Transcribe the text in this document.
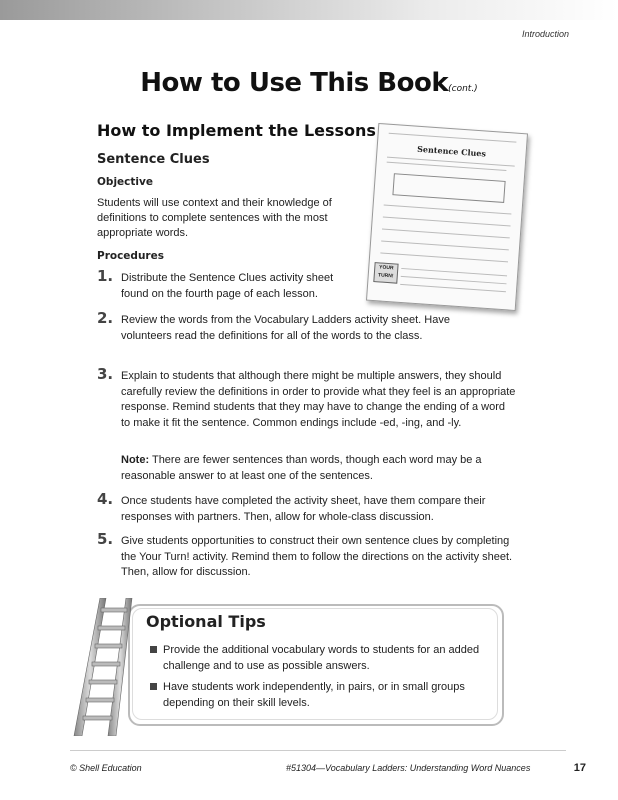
Introduction
How to Use This Book(cont.)
How to Implement the Lessons
Sentence Clues
Objective
Students will use context and their knowledge of definitions to complete sentences with the most appropriate words.
Procedures
1. Distribute the Sentence Clues activity sheet found on the fourth page of each lesson.
2. Review the words from the Vocabulary Ladders activity sheet. Have volunteers read the definitions for all of the words to the class.
3. Explain to students that although there might be multiple answers, they should carefully review the definitions in order to provide what they feel is an appropriate response. Remind students that they may have to change the ending of a word to make it fit the sentence. Common endings include -ed, -ing, and -ly.
Note: There are fewer sentences than words, though each word may be a reasonable answer to at least one of the sentences.
4. Once students have completed the activity sheet, have them compare their responses with partners. Then, allow for whole-class discussion.
5. Give students opportunities to construct their own sentence clues by completing the Your Turn! activity. Remind them to follow the directions on the activity sheet. Then, allow for discussion.
Sentence Clues
YOUR TURN!
Optional Tips
Provide the additional vocabulary words to students for an added challenge and to use as possible answers.
Have students work independently, in pairs, or in small groups depending on their skill levels.
© Shell Education	#51304—Vocabulary Ladders: Understanding Word Nuances	17
